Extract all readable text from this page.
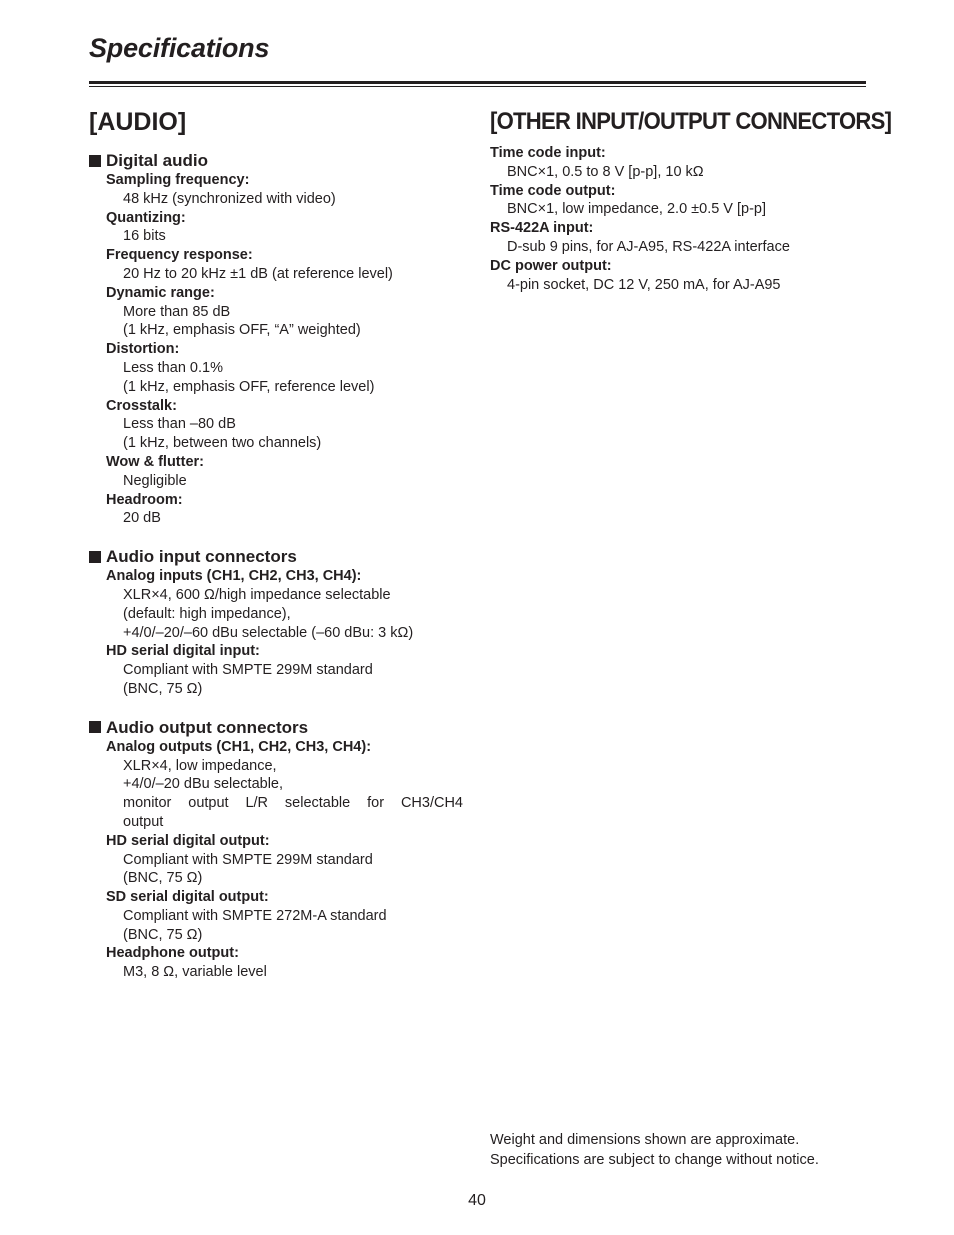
Specifications
[AUDIO]
Digital audio
Sampling frequency:
48 kHz (synchronized with video)
Quantizing:
16 bits
Frequency response:
20 Hz to 20 kHz ±1 dB (at reference level)
Dynamic range:
More than 85 dB
(1 kHz, emphasis OFF, “A” weighted)
Distortion:
Less than 0.1%
(1 kHz, emphasis OFF, reference level)
Crosstalk:
Less than –80 dB
(1 kHz, between two channels)
Wow & flutter:
Negligible
Headroom:
20 dB
Audio input connectors
Analog inputs (CH1, CH2, CH3, CH4):
XLR×4, 600 Ω/high impedance selectable
(default: high impedance),
+4/0/–20/–60 dBu selectable (–60 dBu: 3 kΩ)
HD serial digital input:
Compliant with SMPTE 299M standard
(BNC, 75 Ω)
Audio output connectors
Analog outputs (CH1, CH2, CH3, CH4):
XLR×4, low impedance,
+4/0/–20 dBu selectable,
monitor output L/R selectable for CH3/CH4
output
HD serial digital output:
Compliant with SMPTE 299M standard
(BNC, 75 Ω)
SD serial digital output:
Compliant with SMPTE 272M-A standard
(BNC, 75 Ω)
Headphone output:
M3, 8 Ω, variable level
[OTHER INPUT/OUTPUT CONNECTORS]
Time code input:
BNC×1, 0.5 to 8 V [p-p], 10 kΩ
Time code output:
BNC×1, low impedance, 2.0 ±0.5 V [p-p]
RS-422A input:
D-sub 9 pins, for AJ-A95, RS-422A interface
DC power output:
4-pin socket, DC 12 V, 250 mA, for AJ-A95
Weight and dimensions shown are approximate.
Specifications are subject to change without notice.
40
